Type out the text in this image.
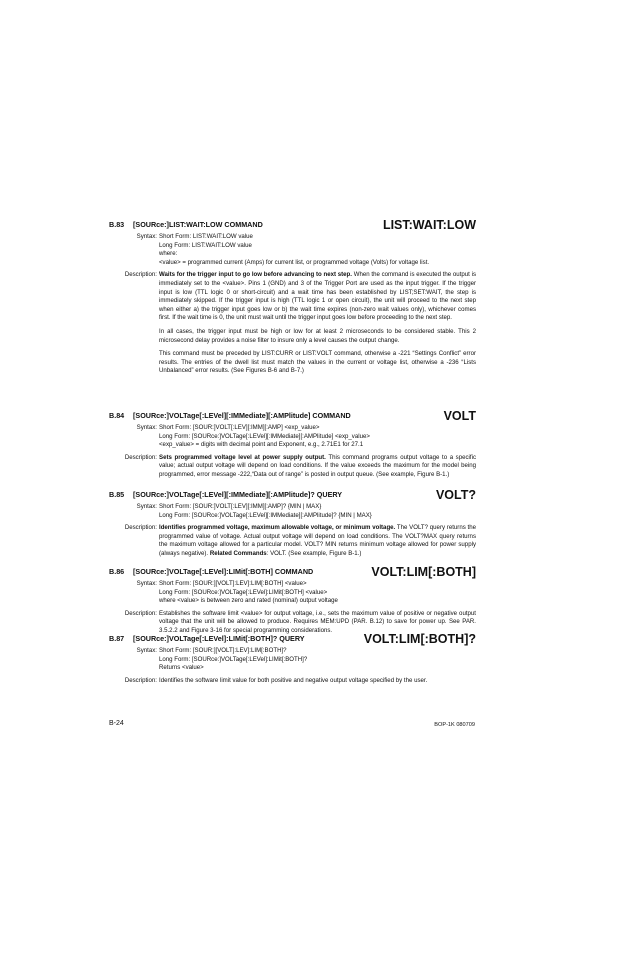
B.83 [SOURce:]LIST:WAIT:LOW COMMAND	LIST:WAIT:LOW
Syntax: Short Form: LIST:WAIT:LOW value
Long Form: LIST:WAIT:LOW value
where:
<value> = programmed current (Amps) for current list, or programmed voltage (Volts) for voltage list.
Description: Waits for the trigger input to go low before advancing to next step. When the command is executed the output is immediately set to the <value>. Pins 1 (GND) and 3 of the Trigger Port are used as the input trigger. If the trigger input is low (TTL logic 0 or short-circuit) and a wait time has been established by LIST;SET:WAIT, the step is immediately skipped. If the trigger input is high (TTL logic 1 or open circuit), the unit will proceed to the next step when either a) the trigger input goes low or b) the wait time expires (non-zero wait values only), whichever comes first. If the wait time is 0, the unit must wait until the trigger input goes low before proceeding to the next step.

In all cases, the trigger input must be high or low for at least 2 microseconds to be considered stable. This 2 microsecond delay provides a noise filter to insure only a level causes the output change.

This command must be preceded by LIST:CURR or LIST:VOLT command, otherwise a -221 “Settings Conflict” error results. The entries of the dwell list must match the values in the current or voltage list, otherwise a -236 “Lists Unbalanced” error results. (See Figures B-6 and B-7.)

B.84 [SOURce:]VOLTage[:LEVel][:IMMediate][:AMPlitude] COMMAND	VOLT
Syntax: Short Form: [SOUR:]VOLT[:LEV][:IMM][:AMP] <exp_value>
Long Form: [SOURce:]VOLTage[:LEVel][:IMMediate][:AMPlitude] <exp_value>
<exp_value> = digits with decimal point and Exponent, e.g., 2.71E1 for 27.1
Description: Sets programmed voltage level at power supply output. This command programs output voltage to a specific value; actual output voltage will depend on load conditions. If the value exceeds the maximum for the model being programmed, error message -222,“Data out of range” is posted in output queue. (See example, Figure B-1.)

B.85 [SOURce:]VOLTage[:LEVel][:IMMediate][:AMPlitude]? QUERY	VOLT?
Syntax: Short Form: [SOUR:]VOLT[:LEV][:IMM][:AMP]? {MIN | MAX}
Long Form: [SOURce:]VOLTage[:LEVel][:IMMediate][:AMPlitude]? {MIN | MAX}
Description: Identifies programmed voltage, maximum allowable voltage, or minimum voltage. The VOLT? query returns the programmed value of voltage. Actual output voltage will depend on load conditions. The VOLT?MAX query returns the maximum voltage allowed for a particular model. VOLT? MIN returns minimum voltage allowed for power supply (always negative). Related Commands: VOLT. (See example, Figure B-1.)

B.86 [SOURce:]VOLTage[:LEVel]:LIMit[:BOTH] COMMAND	VOLT:LIM[:BOTH]
Syntax: Short Form: [SOUR:][VOLT]:LEV]:LIM[:BOTH] <value>
Long Form: [SOURce:]VOLTage[:LEVel]:LIMit[:BOTH] <value>
where <value> is between zero and rated (nominal) output voltage
Description: Establishes the software limit <value> for output voltage, i.e., sets the maximum value of positive or negative output voltage that the unit will be allowed to produce. Requires MEM:UPD (PAR. B.12) to save for power up. See PAR. 3.5.2.2 and Figure 3-16 for special programming considerations.

B.87 [SOURce:]VOLTage[:LEVel]:LIMit[:BOTH]? QUERY	VOLT:LIM[:BOTH]?
Syntax: Short Form: [SOUR:][VOLT]:LEV]:LIM[:BOTH]?
Long Form: [SOURce:]VOLTage[:LEVel]:LIMit[:BOTH]?
Returns <value>
Description: Identifies the software limit value for both positive and negative output voltage specified by the user.

B-24	BOP-1K 080709
